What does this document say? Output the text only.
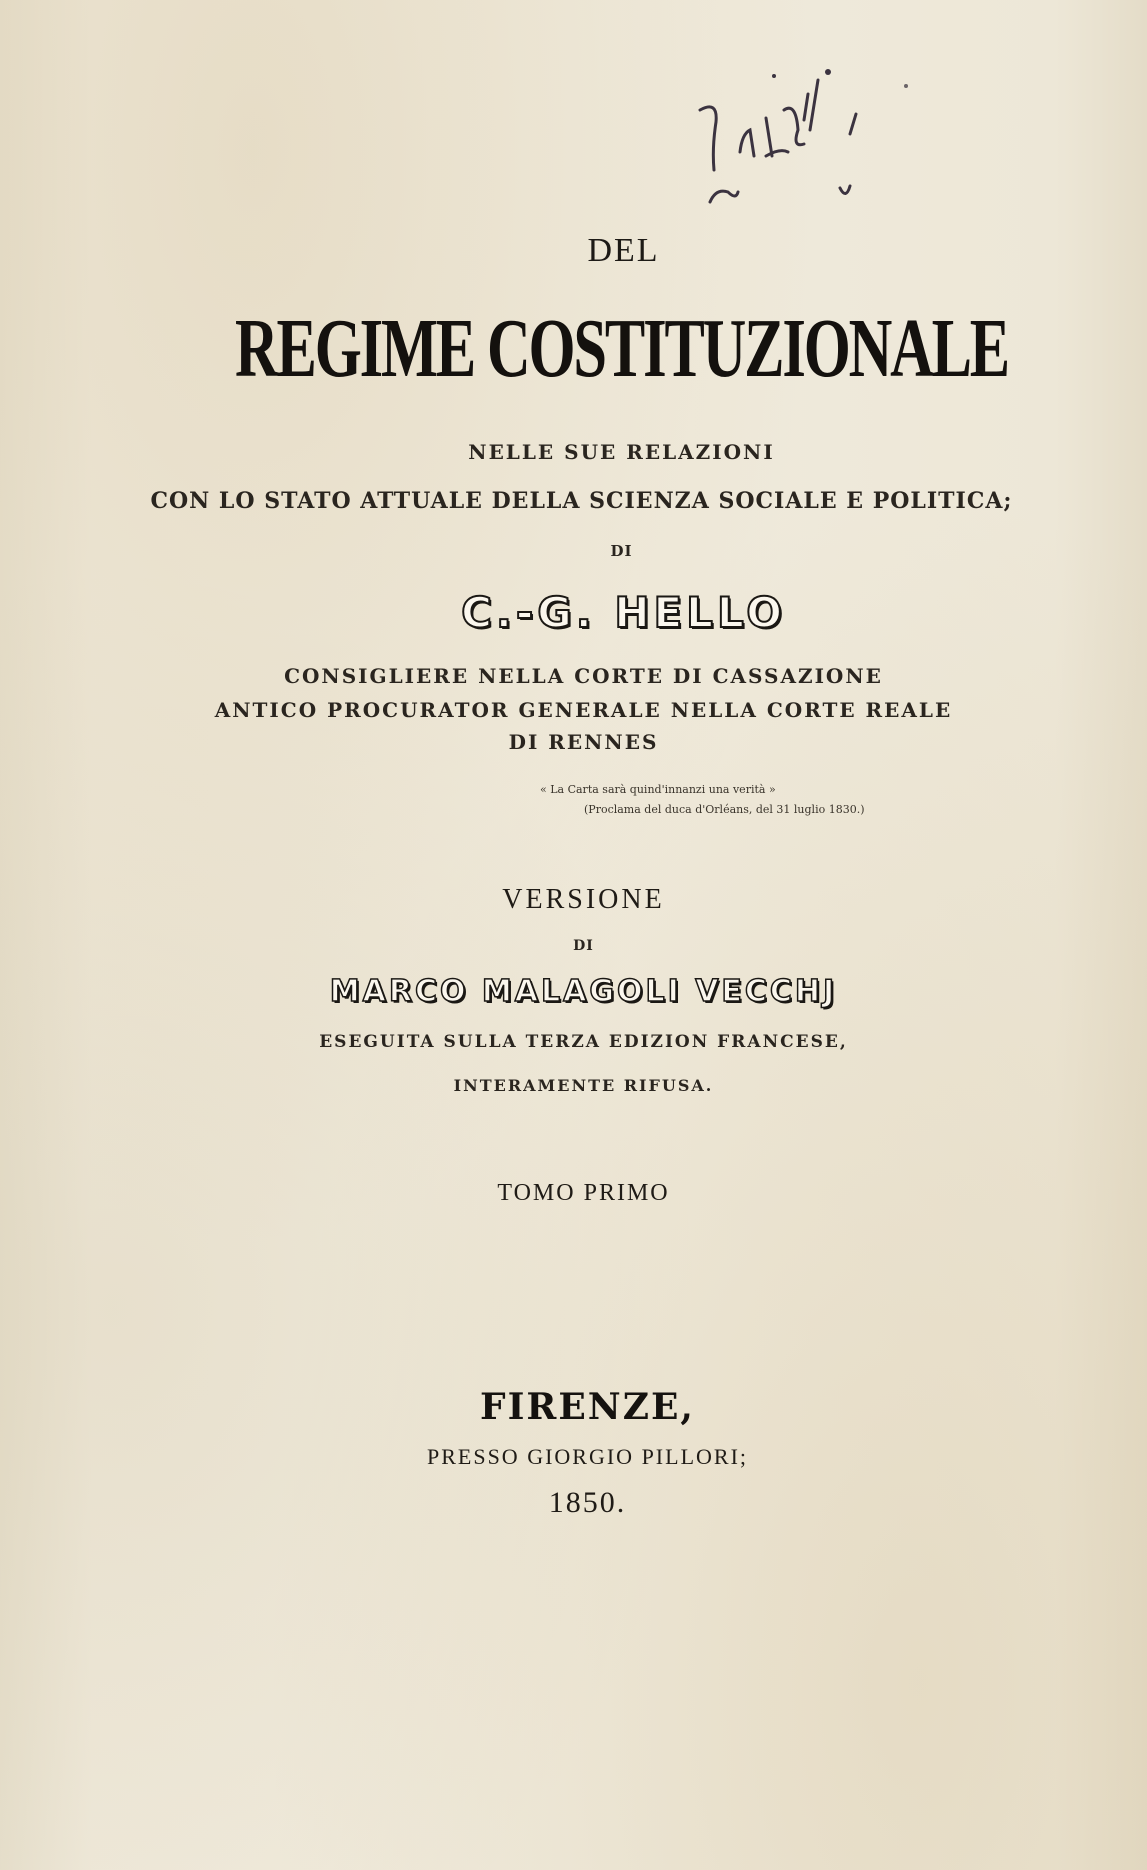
DEL
REGIME COSTITUZIONALE
NELLE SUE RELAZIONI
CON LO STATO ATTUALE DELLA SCIENZA SOCIALE E POLITICA;
DI
C.-G. HELLO
CONSIGLIERE NELLA CORTE DI CASSAZIONE
ANTICO PROCURATOR GENERALE NELLA CORTE REALE
DI RENNES
« La Carta sarà quind'innanzi una verità »
(Proclama del duca d'Orléans, del 31 luglio 1830.)
VERSIONE
DI
MARCO MALAGOLI VECCHJ
ESEGUITA SULLA TERZA EDIZION FRANCESE,
INTERAMENTE RIFUSA.
TOMO PRIMO
FIRENZE,
PRESSO GIORGIO PILLORI;
1850.
